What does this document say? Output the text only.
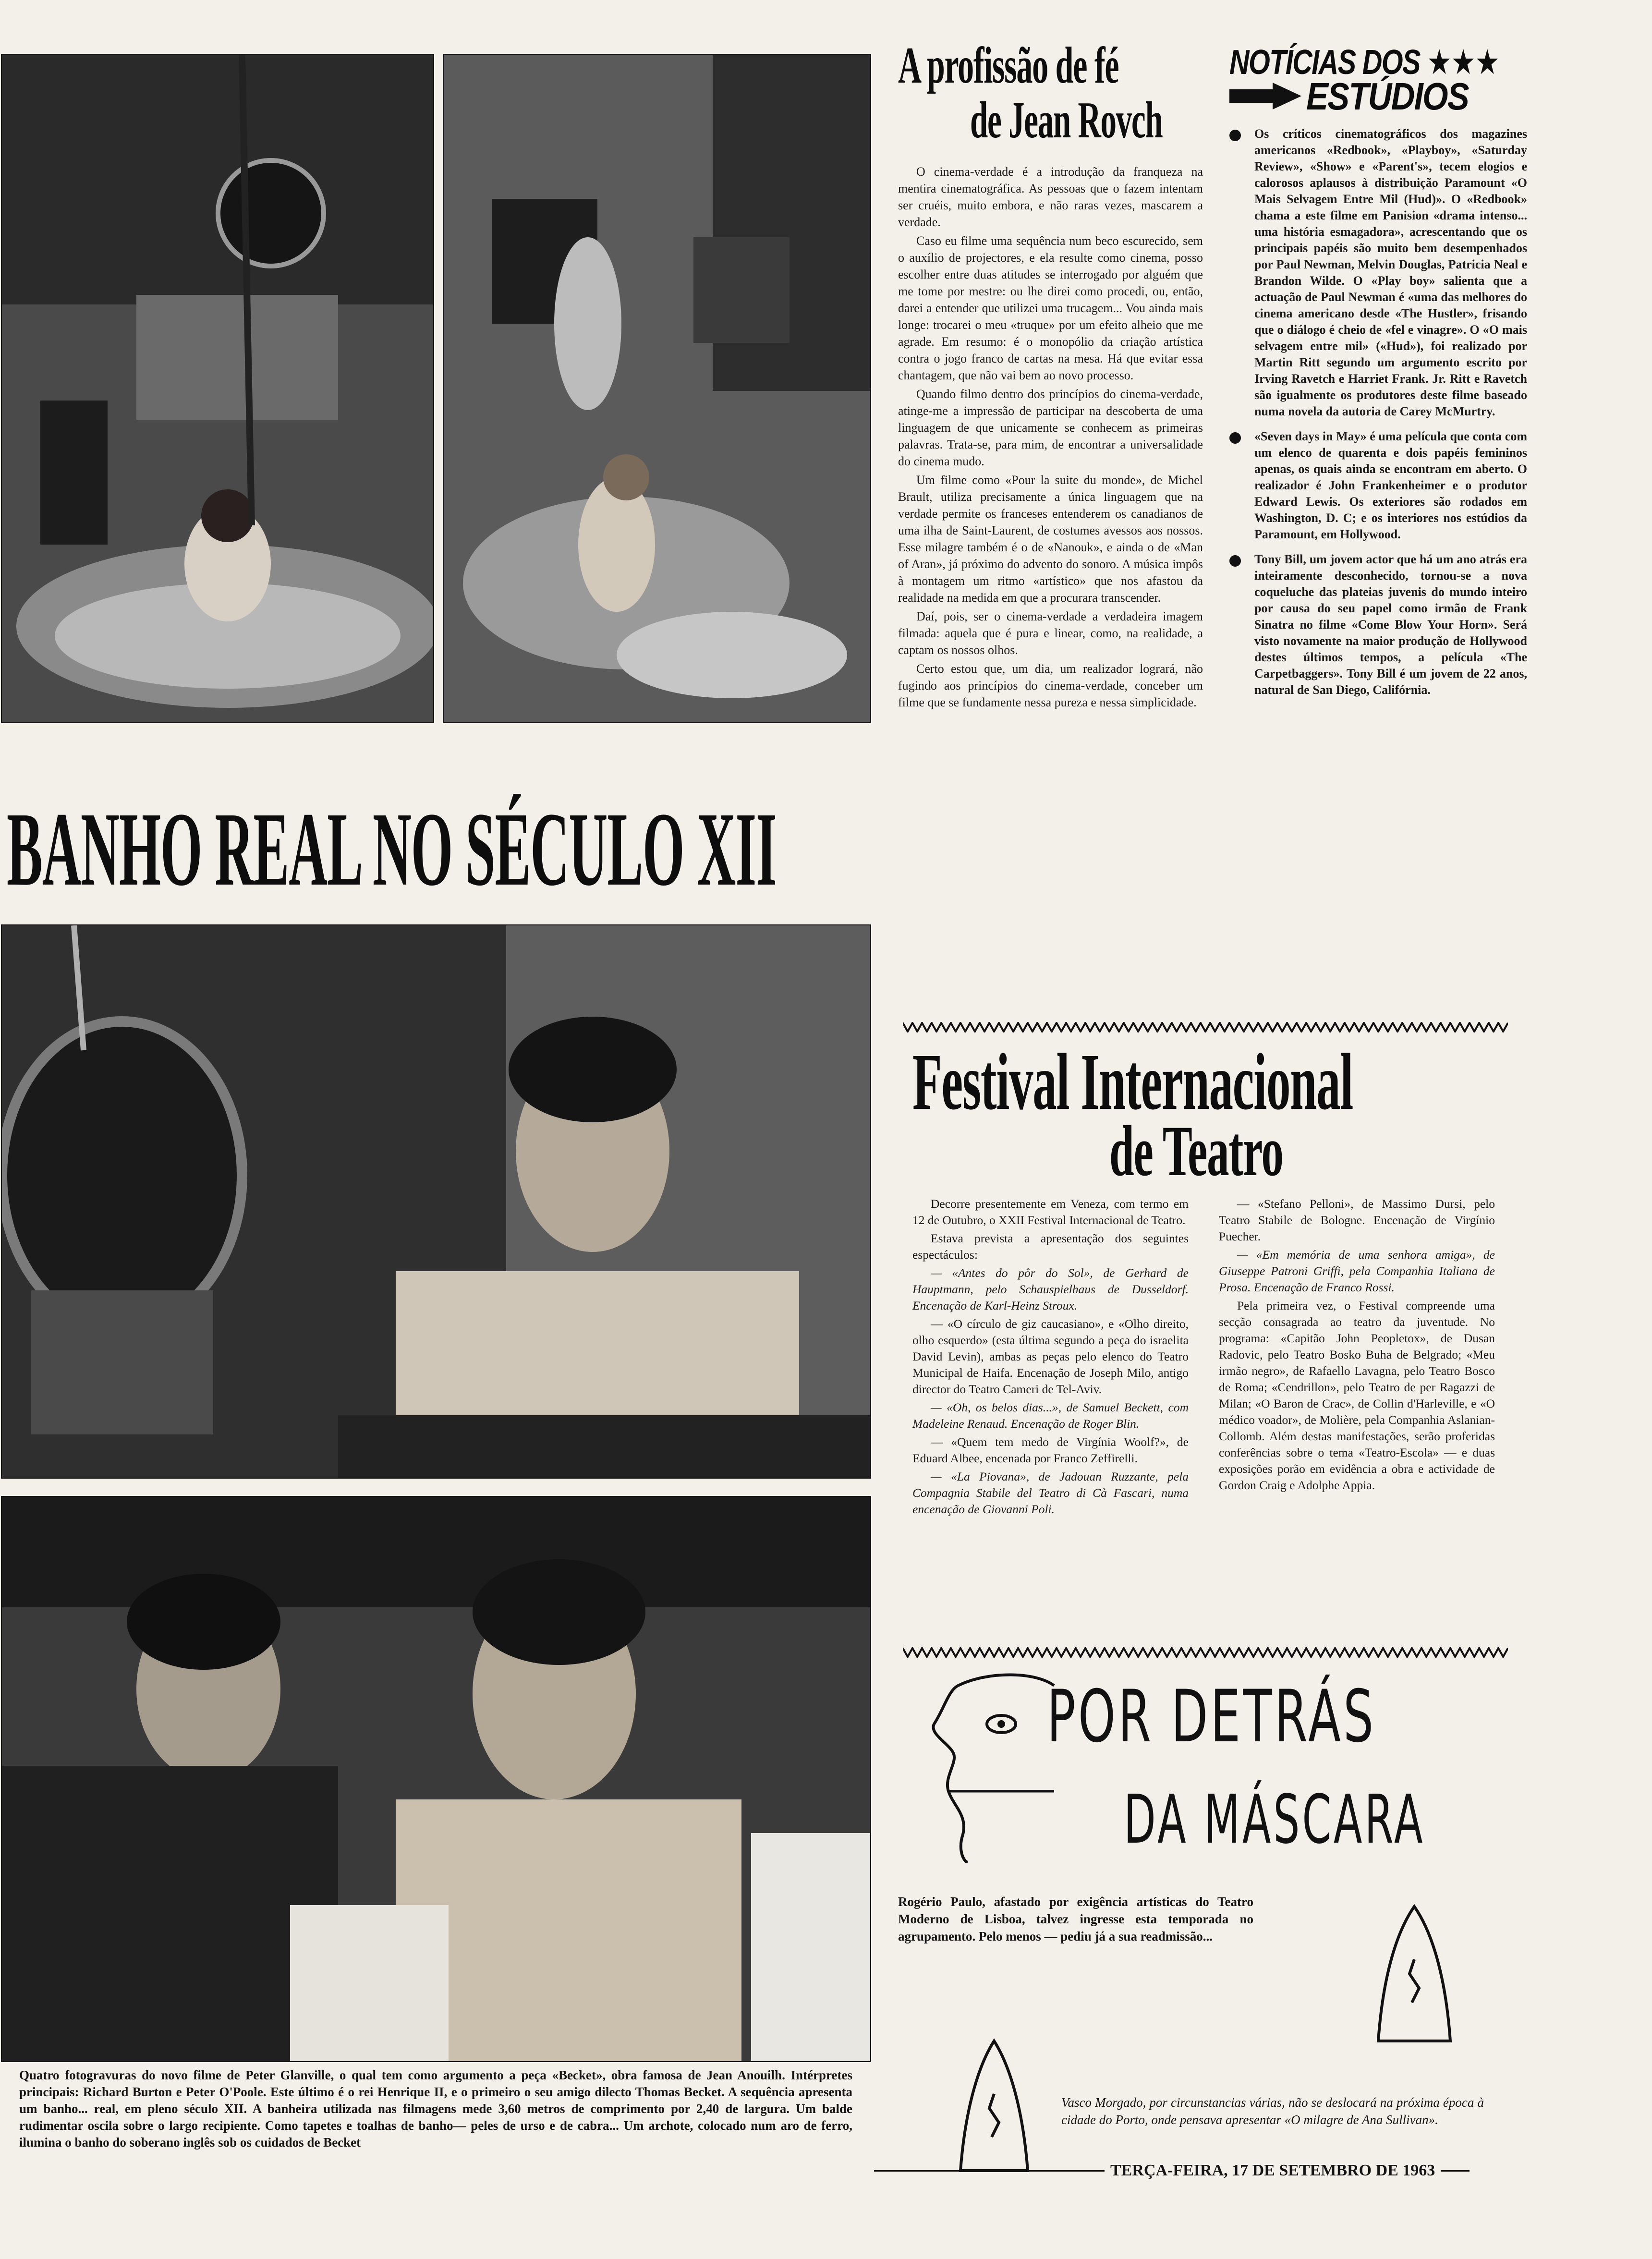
BANHO REAL NO SÉCULO XII
Quatro fotogravuras do novo filme de Peter Glanville, o qual tem como argumento a peça «Becket», obra famosa de Jean Anouilh. Intérpretes principais: Richard Burton e Peter O'Poole. Este último é o rei Henrique II, e o primeiro o seu amigo dilecto Thomas Becket. A sequência apresenta um banho... real, em pleno século XII. A banheira utilizada nas filmagens mede 3,60 metros de comprimento por 2,40 de largura. Um balde rudimentar oscila sobre o largo recipiente. Como tapetes e toalhas de banho— peles de urso e de cabra... Um archote, colocado num aro de ferro, ilumina o banho do soberano inglês sob os cuidados de Becket
A profissão de fé
de Jean Rovch

O cinema-verdade é a introdução da franqueza na mentira cinematográfica. As pessoas que o fazem intentam ser cruéis, muito embora, e não raras vezes, mascarem a verdade.

Caso eu filme uma sequência num beco escurecido, sem o auxílio de projectores, e ela resulte como cinema, posso escolher entre duas atitudes se interrogado por alguém que me tome por mestre: ou lhe direi como procedi, ou, então, darei a entender que utilizei uma trucagem... Vou ainda mais longe: trocarei o meu «truque» por um efeito alheio que me agrade. Em resumo: é o monopólio da criação artística contra o jogo franco de cartas na mesa. Há que evitar essa chantagem, que não vai bem ao novo processo.

Quando filmo dentro dos princípios do cinema-verdade, atinge-me a impressão de participar na descoberta de uma linguagem de que unicamente se conhecem as primeiras palavras. Trata-se, para mim, de encontrar a universalidade do cinema mudo.

Um filme como «Pour la suite du monde», de Michel Brault, utiliza precisamente a única linguagem que na verdade permite os franceses entenderem os canadianos de uma ilha de Saint-Laurent, de costumes avessos aos nossos. Esse milagre também é o de «Nanouk», e ainda o de «Man of Aran», já próximo do advento do sonoro. A música impôs à montagem um ritmo «artístico» que nos afastou da realidade na medida em que a procurara transcender.

Daí, pois, ser o cinema-verdade a verdadeira imagem filmada: aquela que é pura e linear, como, na realidade, a captam os nossos olhos.

Certo estou que, um dia, um realizador logrará, não fugindo aos princípios do cinema-verdade, conceber um filme que se fundamente nessa pureza e nessa simplicidade.

NOTÍCIAS DOS ★★★
ESTÚDIOS
Os críticos cinematográficos dos magazines americanos «Redbook», «Playboy», «Saturday Review», «Show» e «Parent's», tecem elogios e calorosos aplausos à distribuição Paramount «O Mais Selvagem Entre Mil (Hud)». O «Redbook» chama a este filme em Panision «drama intenso... uma história esmagadora», acrescentando que os principais papéis são muito bem desempenhados por Paul Newman, Melvin Douglas, Patricia Neal e Brandon Wilde. O «Play boy» salienta que a actuação de Paul Newman é «uma das melhores do cinema americano desde «The Hustler», frisando que o diálogo é cheio de «fel e vinagre». O «O mais selvagem entre mil» («Hud»), foi realizado por Martin Ritt segundo um argumento escrito por Irving Ravetch e Harriet Frank. Jr. Ritt e Ravetch são igualmente os produtores deste filme baseado numa novela da autoria de Carey McMurtry.
«Seven days in May» é uma película que conta com um elenco de quarenta e dois papéis femininos apenas, os quais ainda se encontram em aberto. O realizador é John Frankenheimer e o produtor Edward Lewis. Os exteriores são rodados em Washington, D. C; e os interiores nos estúdios da Paramount, em Hollywood.
Tony Bill, um jovem actor que há um ano atrás era inteiramente desconhecido, tornou-se a nova coqueluche das plateias juvenis do mundo inteiro por causa do seu papel como irmão de Frank Sinatra no filme «Come Blow Your Horn». Será visto novamente na maior produção de Hollywood destes últimos tempos, a película «The Carpetbaggers». Tony Bill é um jovem de 22 anos, natural de San Diego, Califórnia.
Festival Internacional
de Teatro

Decorre presentemente em Veneza, com termo em 12 de Outubro, o XXII Festival Internacional de Teatro.

Estava prevista a apresentação dos seguintes espectáculos:

— «Antes do pôr do Sol», de Gerhard de Hauptmann, pelo Schauspielhaus de Dusseldorf. Encenação de Karl-Heinz Stroux.

— «O círculo de giz caucasiano», e «Olho direito, olho esquerdo» (esta última segundo a peça do israelita David Levin), ambas as peças pelo elenco do Teatro Municipal de Haifa. Encenação de Joseph Milo, antigo director do Teatro Cameri de Tel-Aviv.

— «Oh, os belos dias...», de Samuel Beckett, com Madeleine Renaud. Encenação de Roger Blin.

— «Quem tem medo de Virgínia Woolf?», de Eduard Albee, encenada por Franco Zeffirelli.

— «La Piovana», de Jadouan Ruzzante, pela Compagnia Stabile del Teatro di Cà Fascari, numa encenação de Giovanni Poli.

— «Stefano Pelloni», de Massimo Dursi, pelo Teatro Stabile de Bologne. Encenação de Virgínio Puecher.

— «Em memória de uma senhora amiga», de Giuseppe Patroni Griffi, pela Companhia Italiana de Prosa. Encenação de Franco Rossi.

Pela primeira vez, o Festival compreende uma secção consagrada ao teatro da juventude. No programa: «Capitão John Peopletox», de Dusan Radovic, pelo Teatro Bosko Buha de Belgrado; «Meu irmão negro», de Rafaello Lavagna, pelo Teatro Bosco de Roma; «Cendrillon», pelo Teatro de per Ragazzi de Milan; «O Baron de Crac», de Collin d'Harleville, e «O médico voador», de Molière, pela Companhia Aslanian-Collomb. Além destas manifestações, serão proferidas conferências sobre o tema «Teatro-Escola» — e duas exposições porão em evidência a obra e actividade de Gordon Craig e Adolphe Appia.

POR DETRÁS
DA MÁSCARA
Rogério Paulo, afastado por exigência artísticas do Teatro Moderno de Lisboa, talvez ingresse esta temporada no agrupamento. Pelo menos — pediu já a sua readmissão...
Vasco Morgado, por circunstancias várias, não se deslocará na próxima época à cidade do Porto, onde pensava apresentar «O milagre de Ana Sullivan».
TERÇA-FEIRA, 17 DE SETEMBRO DE 1963
